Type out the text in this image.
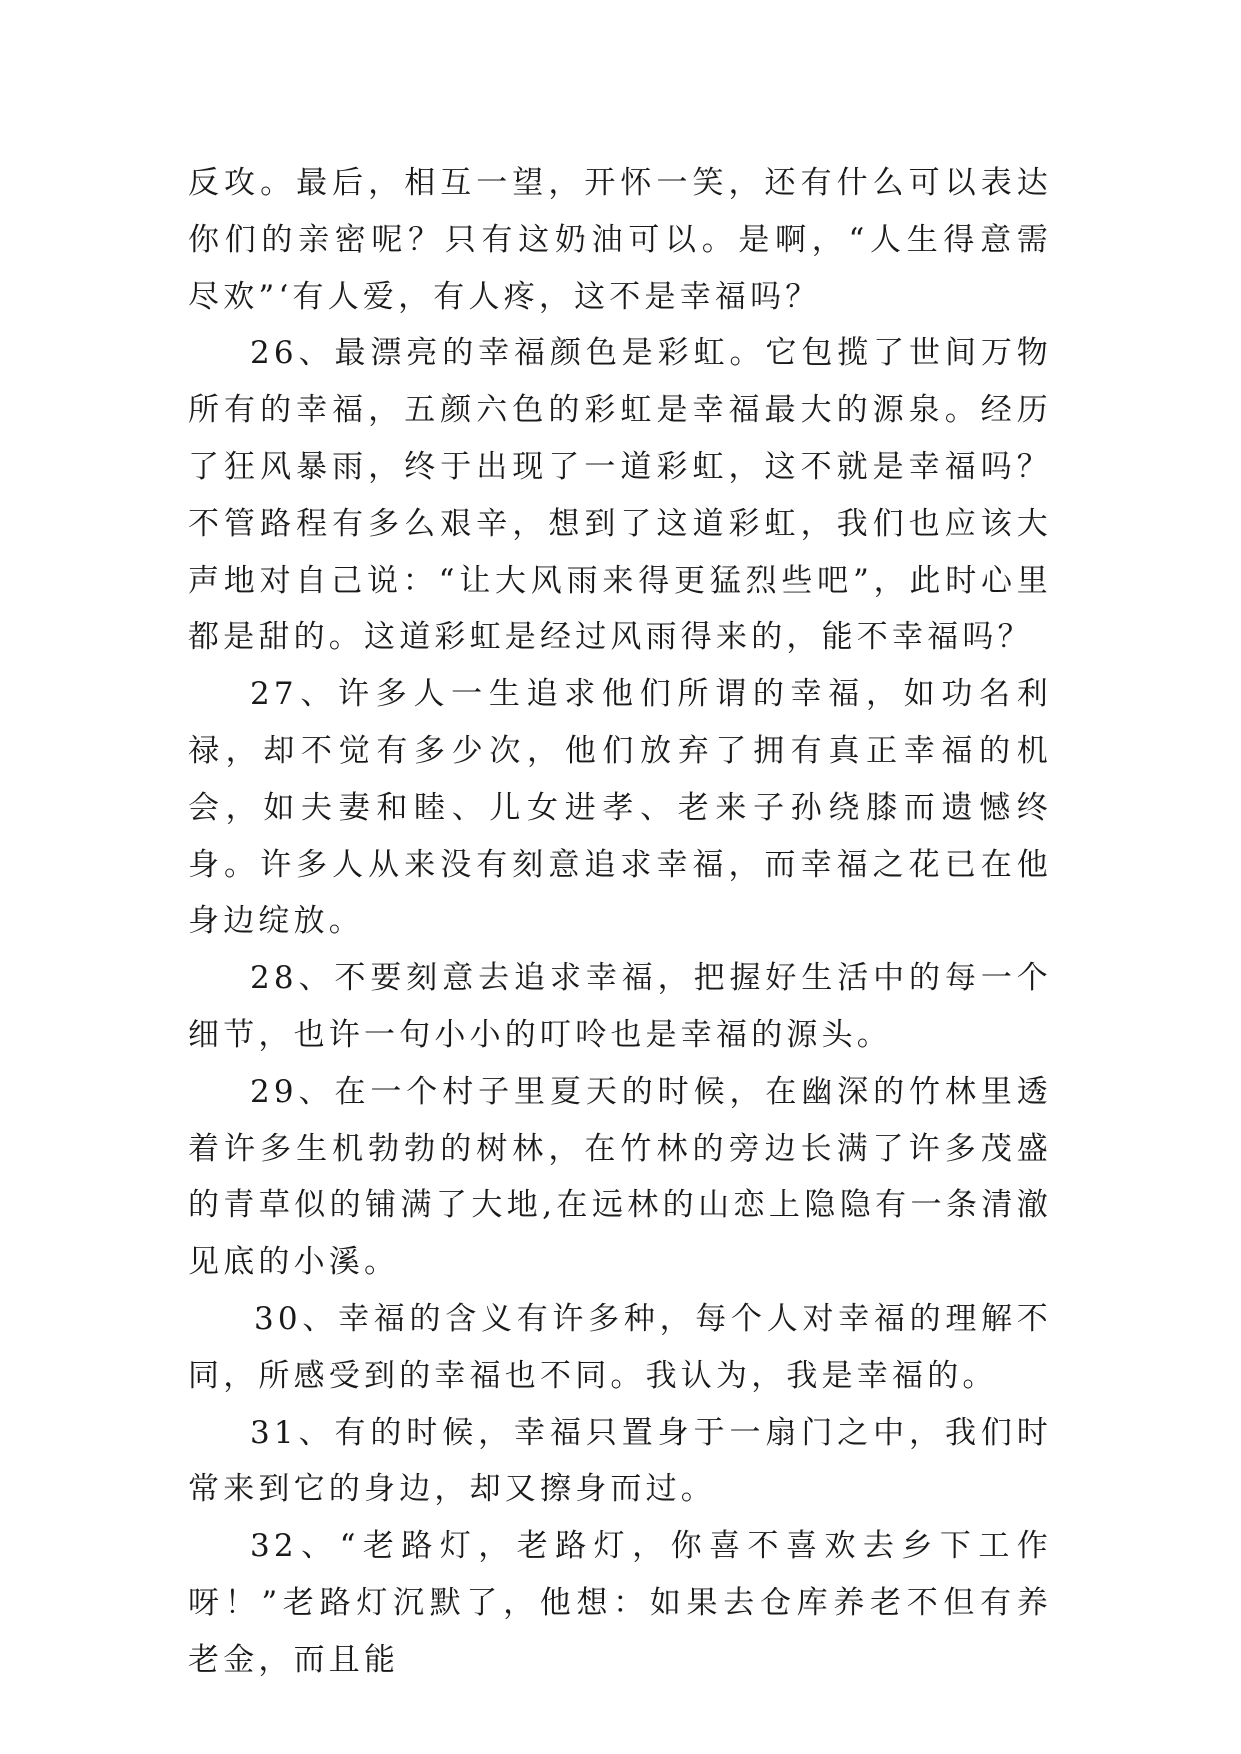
反攻。最后，相互一望，开怀一笑，还有什么可以表达你们的亲密呢？只有这奶油可以。是啊，“人生得意需尽欢”‘有人爱，有人疼，这不是幸福吗？

26、最漂亮的幸福颜色是彩虹。它包揽了世间万物所有的幸福，五颜六色的彩虹是幸福最大的源泉。经历了狂风暴雨，终于出现了一道彩虹，这不就是幸福吗？不管路程有多么艰辛，想到了这道彩虹，我们也应该大声地对自己说：“让大风雨来得更猛烈些吧”，此时心里都是甜的。这道彩虹是经过风雨得来的，能不幸福吗？

27、许多人一生追求他们所谓的幸福，如功名利禄，却不觉有多少次，他们放弃了拥有真正幸福的机会，如夫妻和睦、儿女进孝、老来子孙绕膝而遗憾终身。许多人从来没有刻意追求幸福，而幸福之花已在他身边绽放。

28、不要刻意去追求幸福，把握好生活中的每一个细节，也许一句小小的叮呤也是幸福的源头。

29、在一个村子里夏天的时候，在幽深的竹林里透着许多生机勃勃的树林，在竹林的旁边长满了许多茂盛的青草似的铺满了大地,在远林的山恋上隐隐有一条清澈见底的小溪。

30、幸福的含义有许多种，每个人对幸福的理解不同，所感受到的幸福也不同。我认为，我是幸福的。

31、有的时候，幸福只置身于一扇门之中，我们时常来到它的身边，却又擦身而过。

32、“老路灯，老路灯，你喜不喜欢去乡下工作呀！”老路灯沉默了，他想：如果去仓库养老不但有养老金，而且能
